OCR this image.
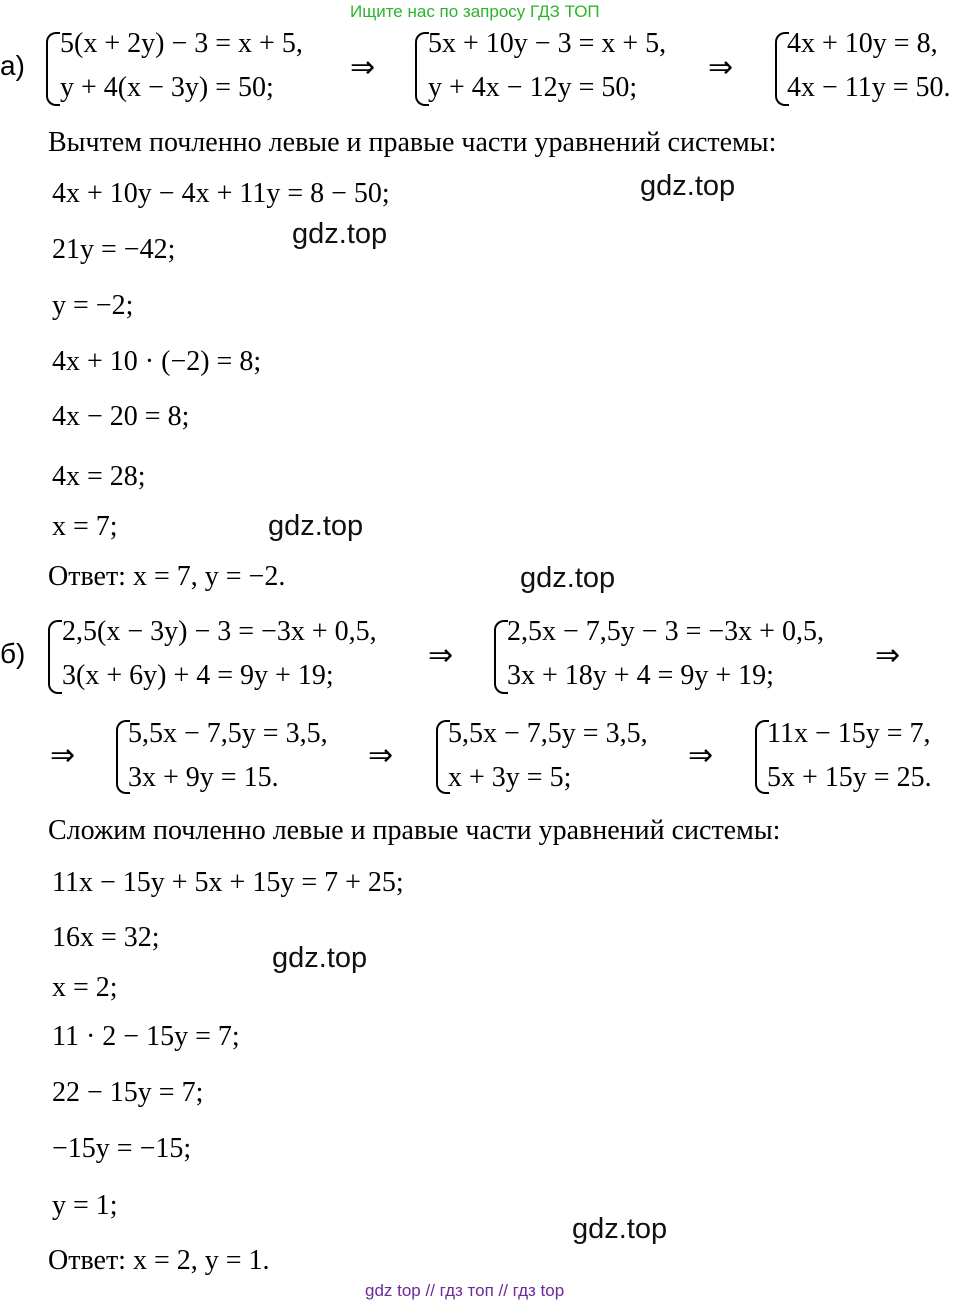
Ищите нас по запросу ГДЗ ТОП
а)
5(x + 2y) − 3 = x + 5,
y + 4(x − 3y) = 50;
⇒
5x + 10y − 3 = x + 5,
y + 4x − 12y = 50;
⇒
4x + 10y = 8,
4x − 11y = 50.
Вычтем почленно левые и правые части уравнений системы:
4x + 10y − 4x + 11y = 8 − 50;
21y = −42;
y = −2;
4x + 10 · (−2) = 8;
4x − 20 = 8;
4x = 28;
x = 7;
Ответ: x = 7, y = −2.
gdz.top
gdz.top
gdz.top
gdz.top
б)
2,5(x − 3y) − 3 = −3x + 0,5,
3(x + 6y) + 4 = 9y + 19;
⇒
2,5x − 7,5y − 3 = −3x + 0,5,
3x + 18y + 4 = 9y + 19;
⇒
⇒
5,5x − 7,5y = 3,5,
3x + 9y = 15.
⇒
5,5x − 7,5y = 3,5,
x + 3y = 5;
⇒
11x − 15y = 7,
5x + 15y = 25.
Сложим почленно левые и правые части уравнений системы:
11x − 15y + 5x + 15y = 7 + 25;
16x = 32;
x = 2;
11 · 2 − 15y = 7;
22 − 15y = 7;
−15y = −15;
y = 1;
Ответ: x = 2, y = 1.
gdz.top
gdz.top
gdz top // гдз топ // гдз top
